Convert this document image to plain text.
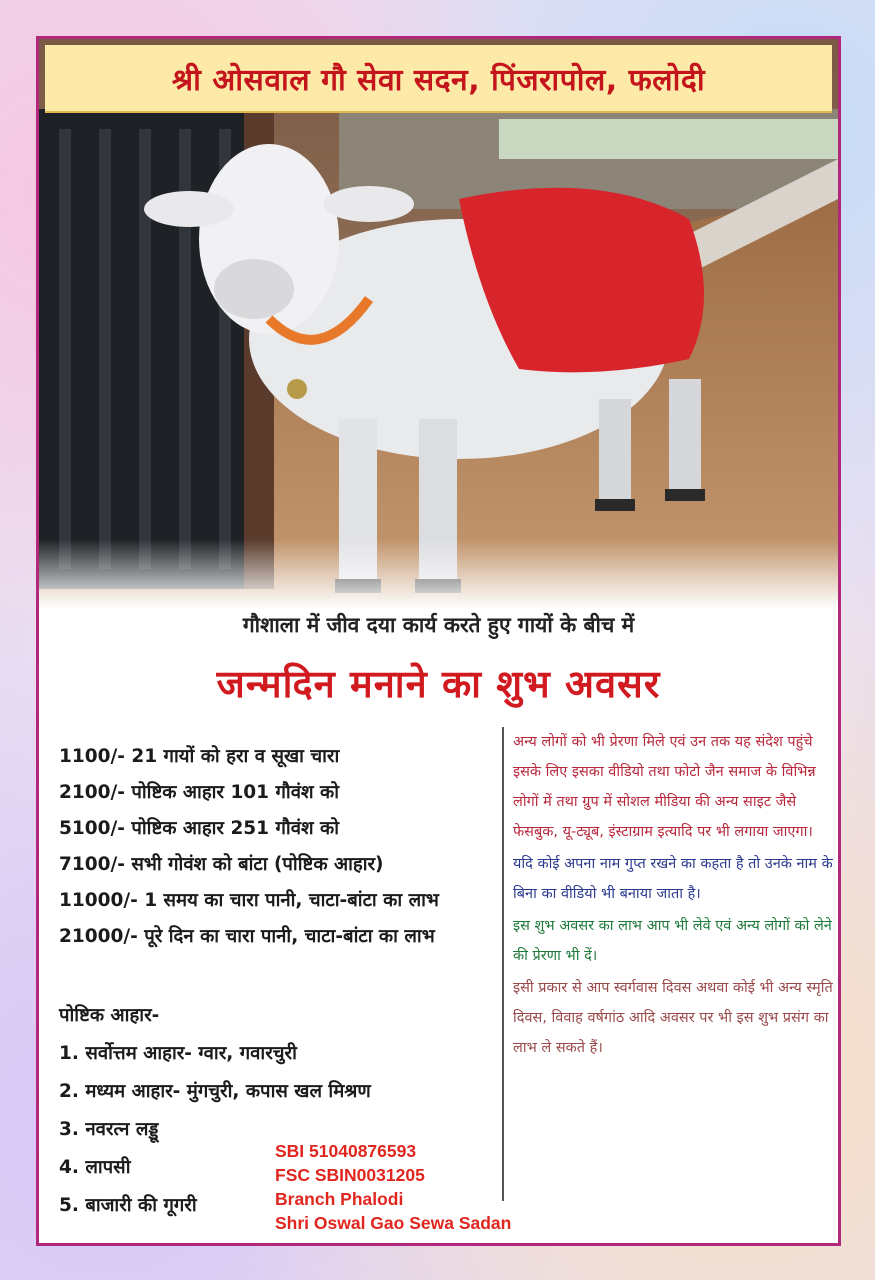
श्री ओसवाल गौ सेवा सदन, पिंजरापोल, फलोदी
गौशाला में जीव दया कार्य करते हुए गायों के बीच में
जन्मदिन मनाने का शुभ अवसर
1100/- 21 गायों को हरा व सूखा चारा
2100/- पोष्टिक आहार 101 गौवंश को
5100/- पोष्टिक आहार 251 गौवंश को
7100/- सभी गोवंश को बांटा (पोष्टिक आहार)
11000/- 1 समय का चारा पानी, चाटा-बांटा का लाभ
21000/- पूरे दिन का चारा पानी, चाटा-बांटा का लाभ
पोष्टिक आहार-
1. सर्वोत्तम आहार- ग्वार, गवारचुरी
2. मध्यम आहार- मुंगचुरी, कपास खल मिश्रण
3. नवरत्न लड्डू
4. लापसी
5. बाजारी की गूगरी
SBI 51040876593
FSC SBIN0031205
Branch Phalodi
Shri Oswal Gao Sewa Sadan
अन्य लोगों को भी प्रेरणा मिले एवं उन तक यह संदेश पहुंचे इसके लिए इसका वीडियो तथा फोटो जैन समाज के विभिन्न लोगों में तथा ग्रुप में सोशल मीडिया की अन्य साइट जैसे फेसबुक, यू-ट्यूब, इंस्टाग्राम इत्यादि पर भी लगाया जाएगा।
यदि कोई अपना नाम गुप्त रखने का कहता है तो उनके नाम के बिना का वीडियो भी बनाया जाता है।
इस शुभ अवसर का लाभ आप भी लेवे एवं अन्य लोगों को लेने की प्रेरणा भी दें।
इसी प्रकार से आप स्वर्गवास दिवस अथवा कोई भी अन्य स्मृति दिवस, विवाह वर्षगांठ आदि अवसर पर भी इस शुभ प्रसंग का लाभ ले सकते हैं।
